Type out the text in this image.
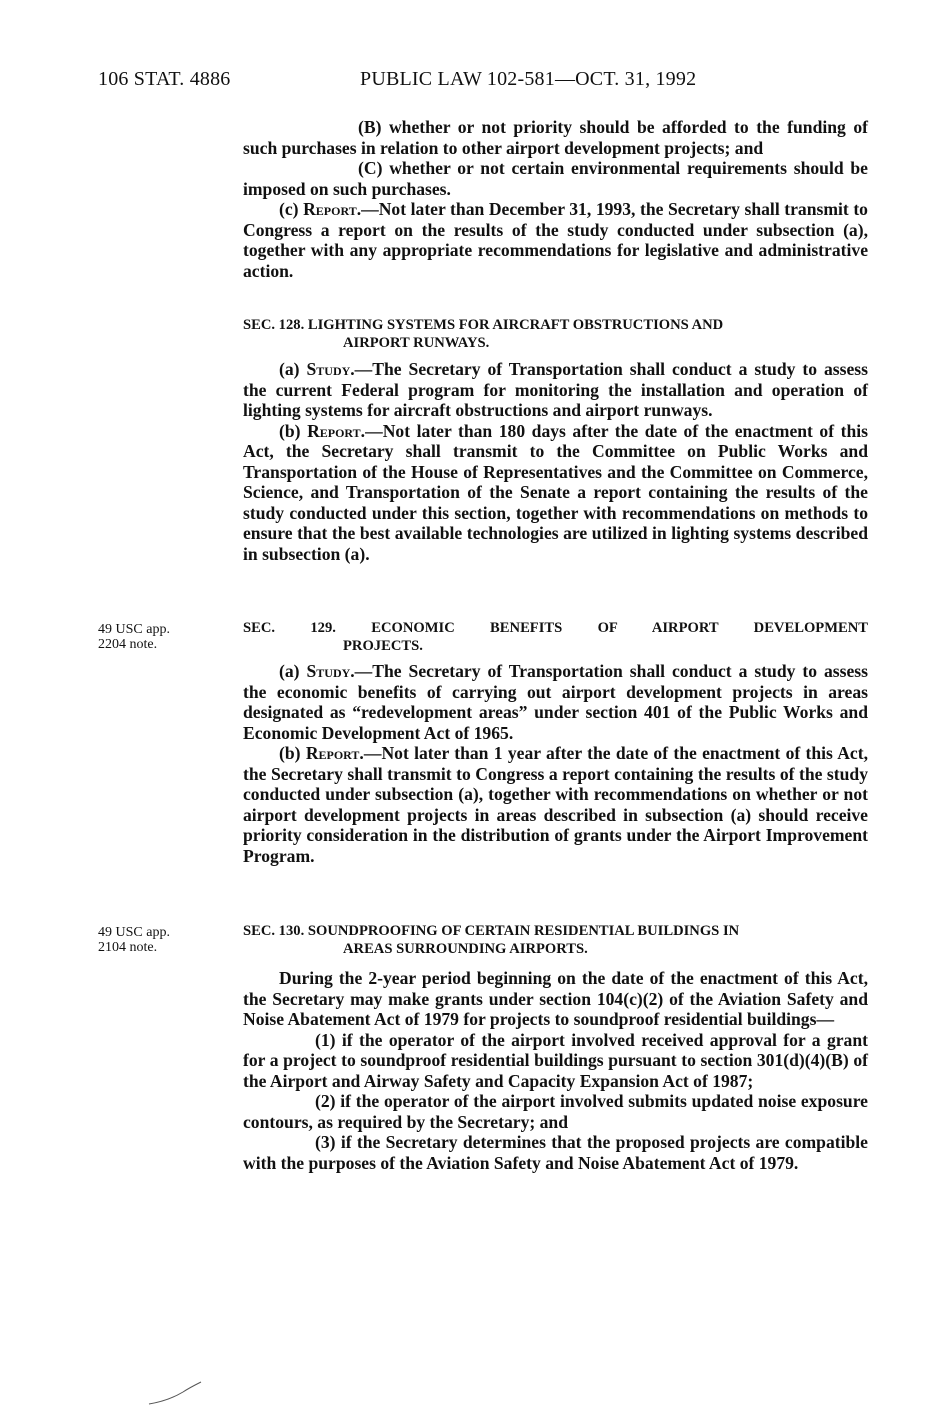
106 STAT. 4886	PUBLIC LAW 102-581—OCT. 31, 1992

(B) whether or not priority should be afforded to the funding of such purchases in relation to other airport development projects; and

(C) whether or not certain environmental requirements should be imposed on such purchases.

(c) Report.—Not later than December 31, 1993, the Secretary shall transmit to Congress a report on the results of the study conducted under subsection (a), together with any appropriate recommendations for legislative and administrative action.

SEC. 128. LIGHTING SYSTEMS FOR AIRCRAFT OBSTRUCTIONS AND
AIRPORT RUNWAYS.

(a) Study.—The Secretary of Transportation shall conduct a study to assess the current Federal program for monitoring the installation and operation of lighting systems for aircraft obstructions and airport runways.

(b) Report.—Not later than 180 days after the date of the enactment of this Act, the Secretary shall transmit to the Committee on Public Works and Transportation of the House of Representatives and the Committee on Commerce, Science, and Transportation of the Senate a report containing the results of the study conducted under this section, together with recommendations on methods to ensure that the best available technologies are utilized in lighting systems described in subsection (a).

49 USC app.
2204 note.

SEC. 129. ECONOMIC BENEFITS OF AIRPORT DEVELOPMENT

PROJECTS.

(a) Study.—The Secretary of Transportation shall conduct a study to assess the economic benefits of carrying out airport development projects in areas designated as “redevelopment areas” under section 401 of the Public Works and Economic Development Act of 1965.

(b) Report.—Not later than 1 year after the date of the enactment of this Act, the Secretary shall transmit to Congress a report containing the results of the study conducted under subsection (a), together with recommendations on whether or not airport development projects in areas described in subsection (a) should receive priority consideration in the distribution of grants under the Airport Improvement Program.

49 USC app.
2104 note.

SEC. 130. SOUNDPROOFING OF CERTAIN RESIDENTIAL BUILDINGS IN
AREAS SURROUNDING AIRPORTS.

During the 2-year period beginning on the date of the enactment of this Act, the Secretary may make grants under section 104(c)(2) of the Aviation Safety and Noise Abatement Act of 1979 for projects to soundproof residential buildings—

(1) if the operator of the airport involved received approval for a grant for a project to soundproof residential buildings pursuant to section 301(d)(4)(B) of the Airport and Airway Safety and Capacity Expansion Act of 1987;

(2) if the operator of the airport involved submits updated noise exposure contours, as required by the Secretary; and

(3) if the Secretary determines that the proposed projects are compatible with the purposes of the Aviation Safety and Noise Abatement Act of 1979.
